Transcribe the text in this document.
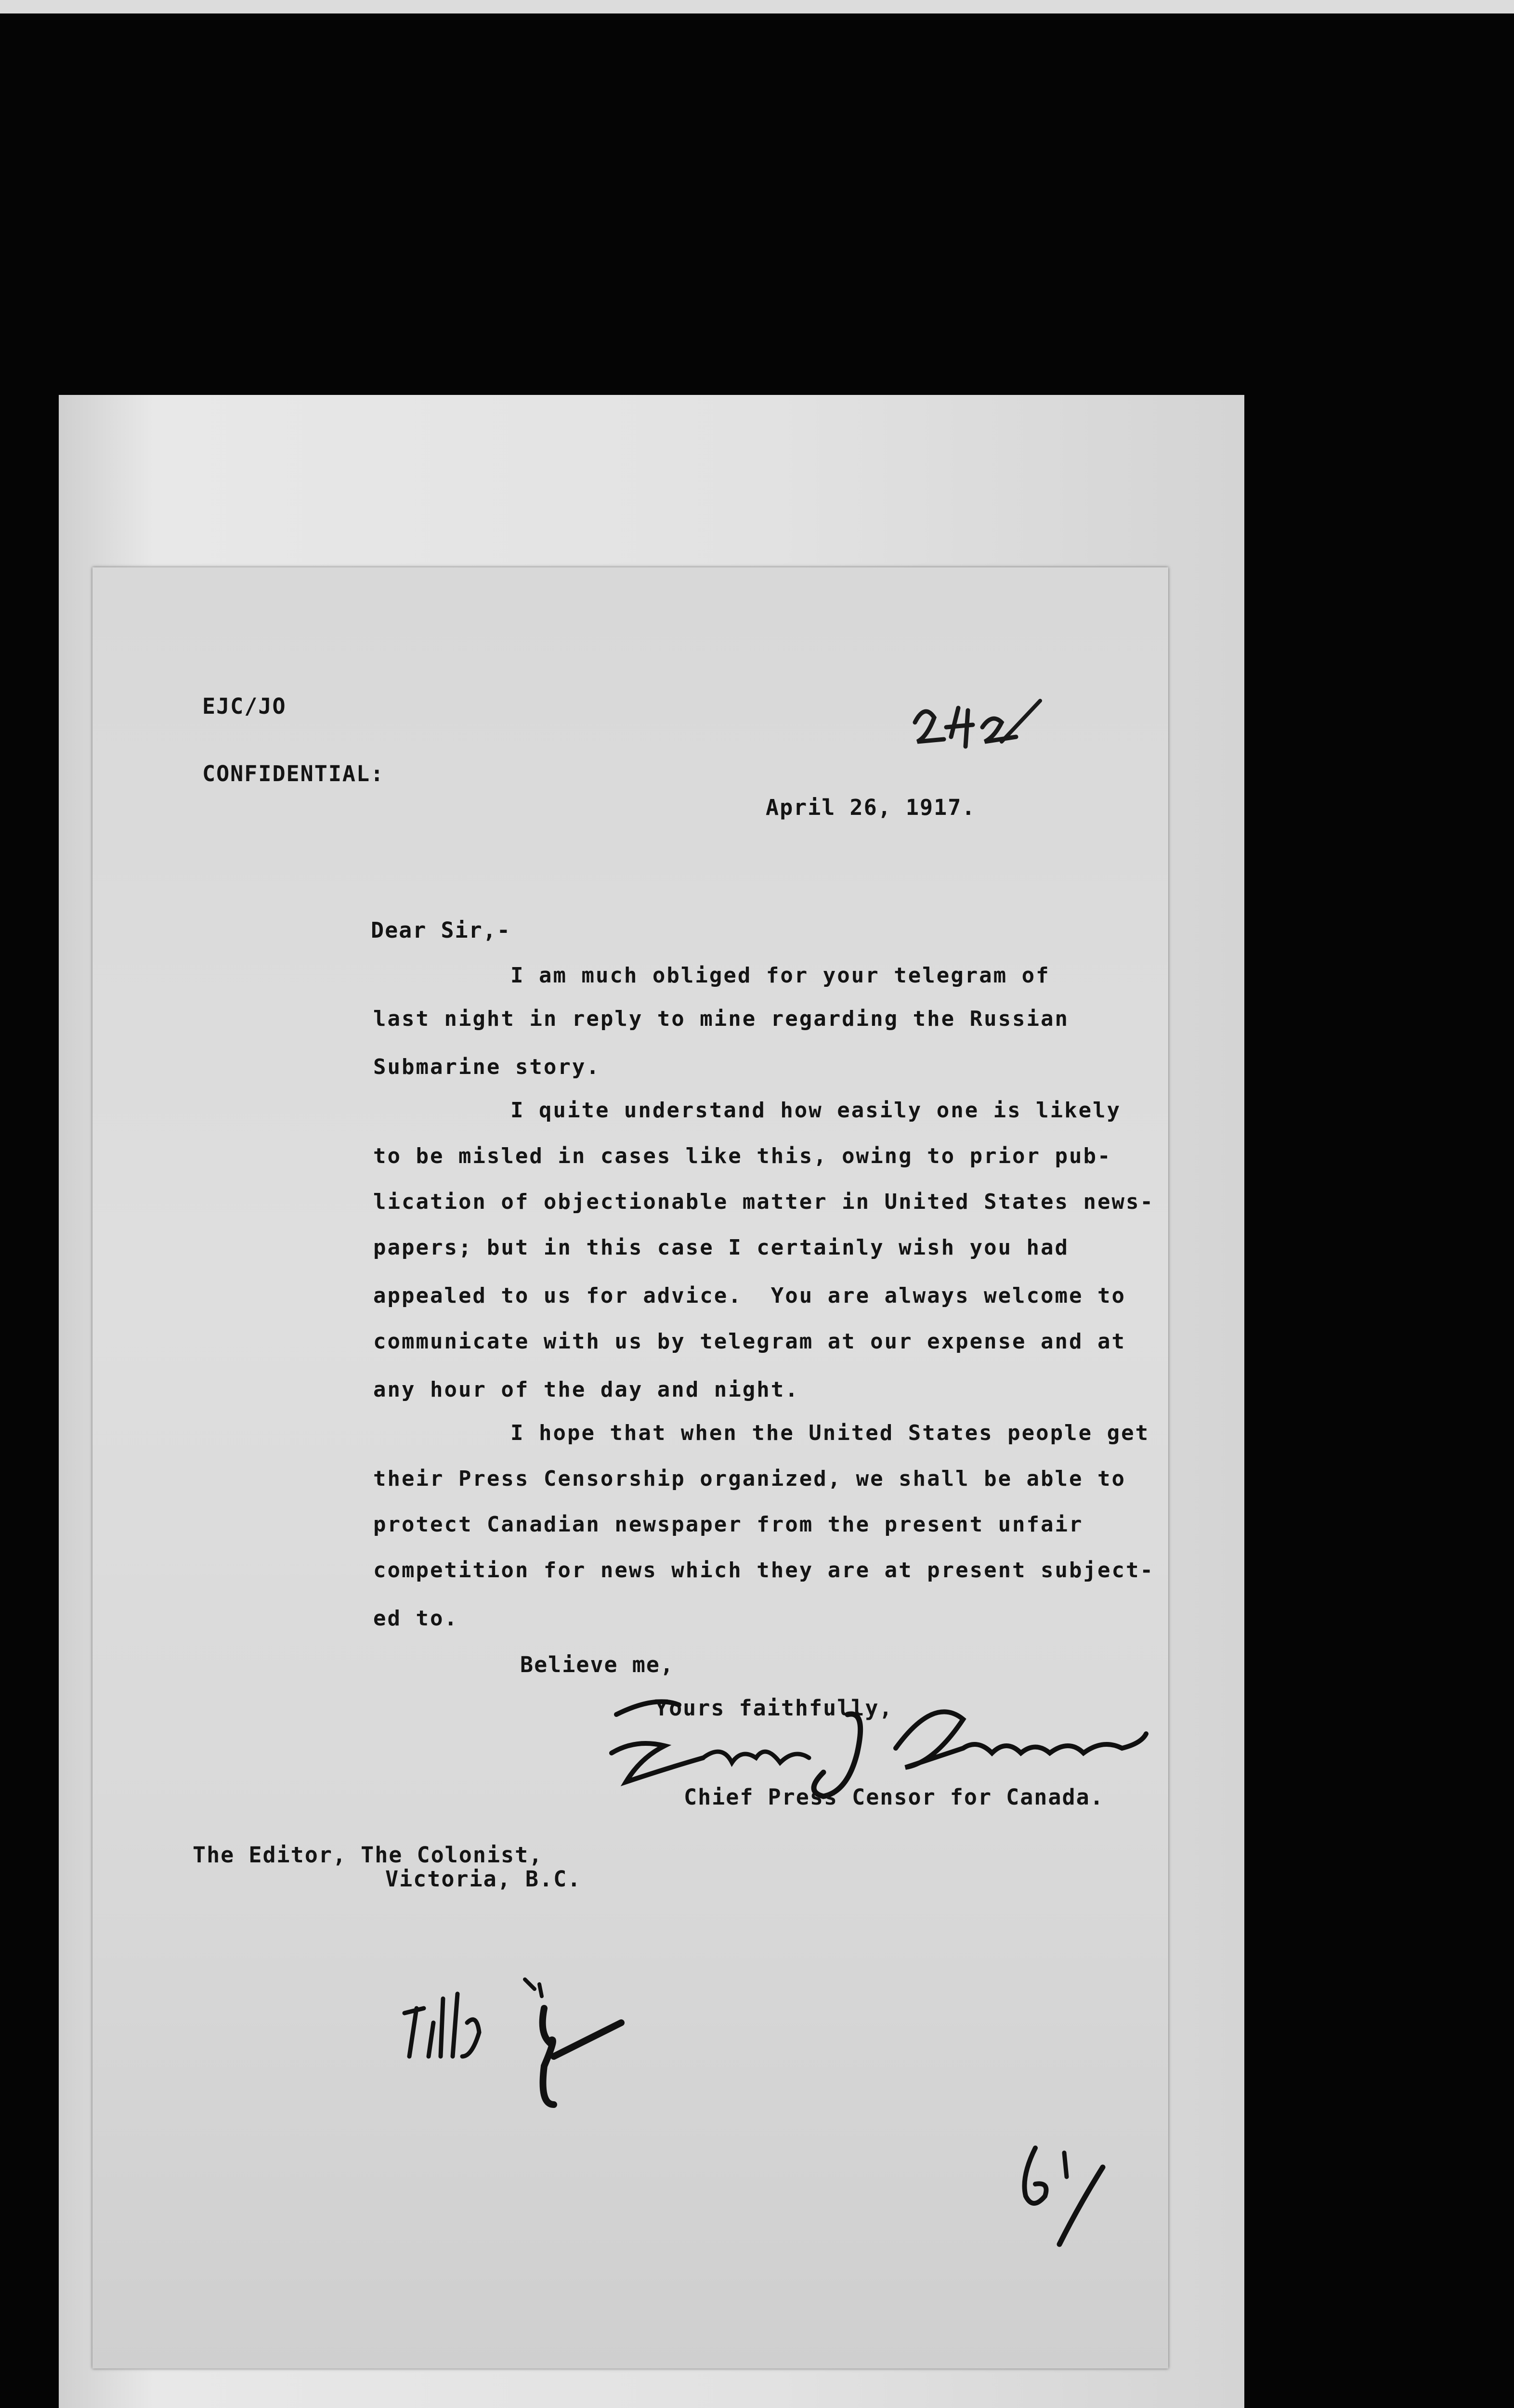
EJC/JO
CONFIDENTIAL:
April 26, 1917.
Dear Sir,-
I am much obliged for your telegram of
last night in reply to mine regarding the Russian
Submarine story.
I quite understand how easily one is likely
to be misled in cases like this, owing to prior pub-
lication of objectionable matter in United States news-
papers; but in this case I certainly wish you had
appealed to us for advice.  You are always welcome to
communicate with us by telegram at our expense and at
any hour of the day and night.
I hope that when the United States people get
their Press Censorship organized, we shall be able to
protect Canadian newspaper from the present unfair
competition for news which they are at present subject-
ed to.
Believe me,
Yours faithfully,
Chief Press Censor for Canada.
The Editor, The Colonist,
Victoria, B.C.
